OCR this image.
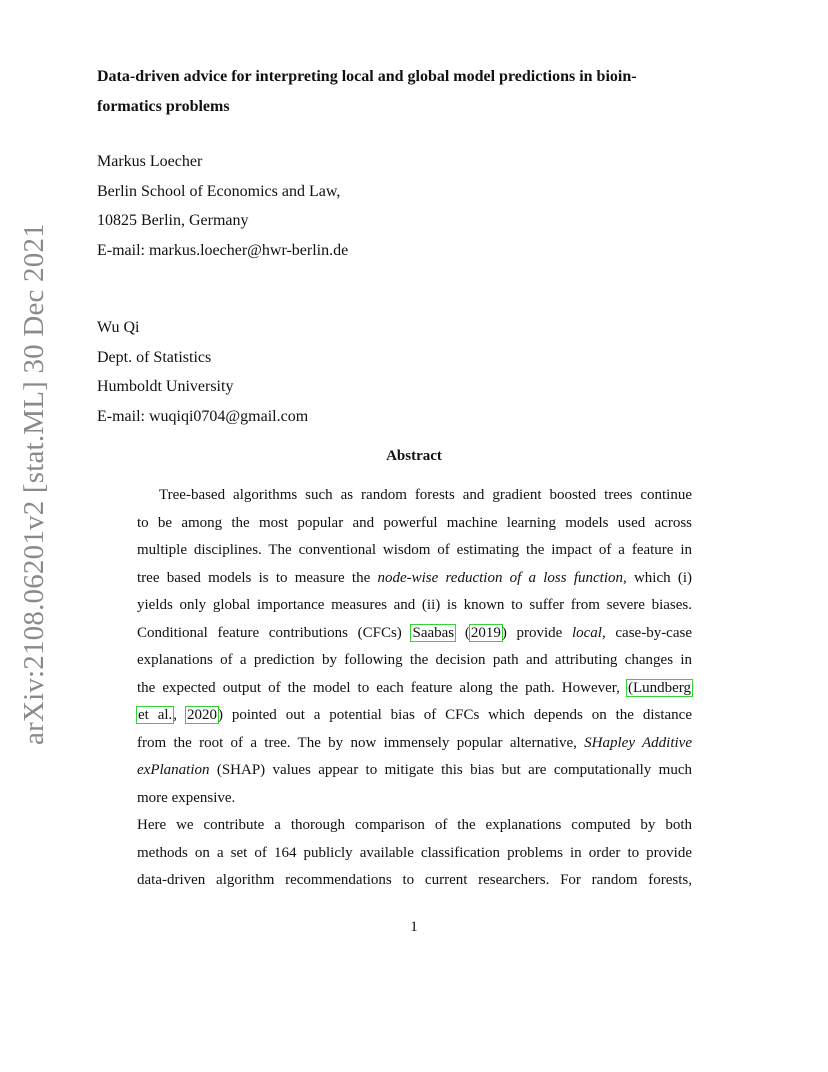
arXiv:2108.06201v2 [stat.ML] 30 Dec 2021
Data-driven advice for interpreting local and global model predictions in bioin-
formatics problems
Markus Loecher
Berlin School of Economics and Law,
10825 Berlin, Germany
E-mail: markus.loecher@hwr-berlin.de
Wu Qi
Dept. of Statistics
Humboldt University
E-mail: wuqiqi0704@gmail.com
Abstract
Tree-based algorithms such as random forests and gradient boosted trees continue
to be among the most popular and powerful machine learning models used across
multiple disciplines. The conventional wisdom of estimating the impact of a feature in
tree based models is to measure the node-wise reduction of a loss function, which (i)
yields only global importance measures and (ii) is known to suffer from severe biases.
Conditional feature contributions (CFCs) Saabas (2019) provide local, case-by-case
explanations of a prediction by following the decision path and attributing changes in
the expected output of the model to each feature along the path. However, (Lundberg
et al., 2020) pointed out a potential bias of CFCs which depends on the distance
from the root of a tree. The by now immensely popular alternative, SHapley Additive
exPlanation (SHAP) values appear to mitigate this bias but are computationally much
more expensive.
Here we contribute a thorough comparison of the explanations computed by both
methods on a set of 164 publicly available classification problems in order to provide
data-driven algorithm recommendations to current researchers. For random forests,
1
